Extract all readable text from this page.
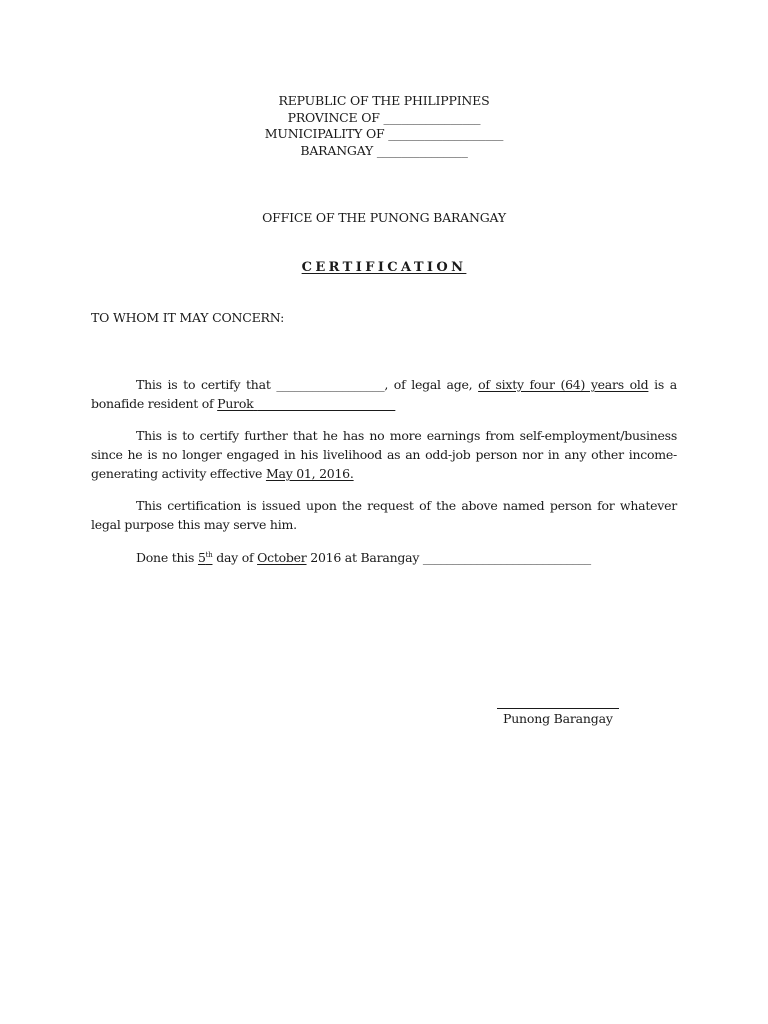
REPUBLIC OF THE PHILIPPINES
PROVINCE OF ________________
MUNICIPALITY OF ___________________
BARANGAY _______________
OFFICE OF THE PUNONG BARANGAY
CERTIFICATION
TO WHOM IT MAY CONCERN:
This is to certify that __________________, of legal age, of sixty four (64) years old is a bonafide resident of Purok _______________________
This is to certify further that he has no more earnings from self-employment/business since he is no longer engaged in his livelihood as an odd-job person nor in any other income-generating activity effective May 01, 2016.
This certification is issued upon the request of the above named person for whatever legal purpose this may serve him.
Done this 5th day of October 2016 at Barangay ____________________________
Punong Barangay
